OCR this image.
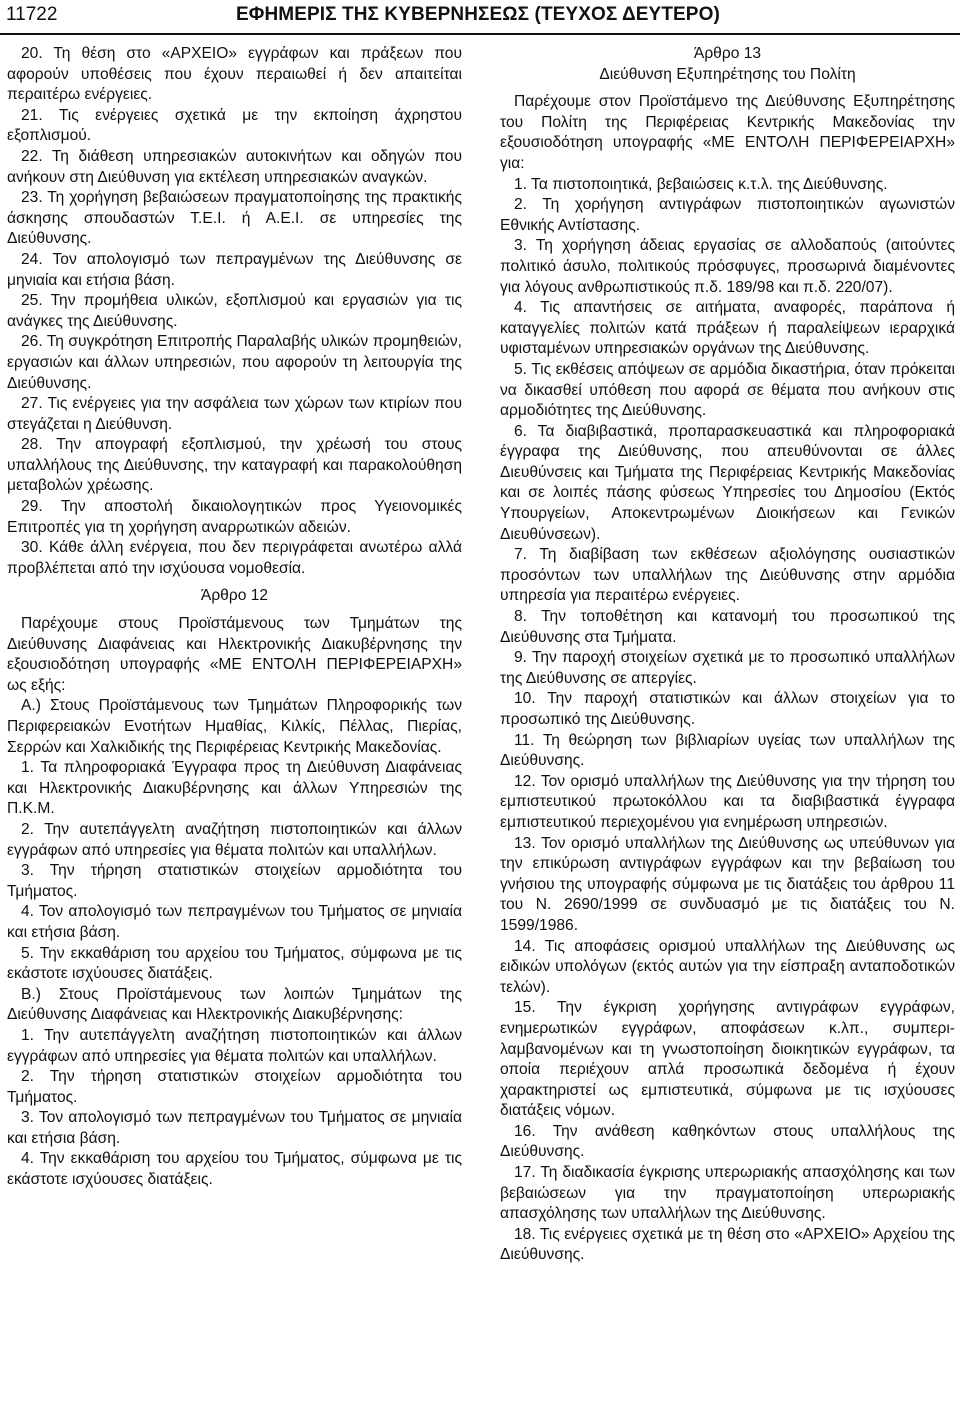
11722	ΕΦΗΜΕΡΙΣ ΤΗΣ ΚΥΒΕΡΝΗΣΕΩΣ (ΤΕΥΧΟΣ ΔΕΥΤΕΡΟ)

20. Τη θέση στο «ΑΡΧΕΙΟ» εγγράφων και πράξεων που αφορούν υποθέσεις που έχουν περαιωθεί ή δεν απαιτείται περαιτέρω ενέργειες.

21. Τις ενέργειες σχετικά με την εκποίηση άχρηστου εξοπλισμού.

22. Τη διάθεση υπηρεσιακών αυτοκινήτων και οδηγών που ανήκουν στη Διεύθυνση για εκτέλεση υπηρεσιακών αναγκών.

23. Τη χορήγηση βεβαιώσεων πραγματοποίησης της πρακτικής άσκησης σπουδαστών Τ.Ε.Ι. ή Α.Ε.Ι. σε υπηρεσίες της Διεύθυνσης.

24. Τον απολογισμό των πεπραγμένων της Διεύθυνσης σε μηνιαία και ετήσια βάση.

25. Την προμήθεια υλικών, εξοπλισμού και εργασιών για τις ανάγκες της Διεύθυνσης.

26. Τη συγκρότηση Επιτροπής Παραλαβής υλικών προμηθειών, εργασιών και άλλων υπηρεσιών, που αφορούν τη λειτουργία της Διεύθυνσης.

27. Τις ενέργειες για την ασφάλεια των χώρων των κτιρίων που στεγάζεται η Διεύθυνση.

28. Την απογραφή εξοπλισμού, την χρέωσή του στους υπαλλήλους της Διεύθυνσης, την καταγραφή και παρακολούθηση μεταβολών χρέωσης.

29. Την αποστολή δικαιολογητικών προς Υγειονομικές Επιτροπές για τη χορήγηση αναρρωτικών αδειών.

30. Κάθε άλλη ενέργεια, που δεν περιγράφεται ανωτέρω αλλά προβλέπεται από την ισχύουσα νομοθεσία.

Άρθρο 12

Παρέχουμε στους Προϊστάμενους των Τμημάτων της Διεύθυνσης Διαφάνειας και Ηλεκτρονικής Διακυβέρνησης την εξουσιοδότηση υπογραφής «ΜΕ ΕΝΤΟΛΗ ΠΕΡΙΦΕΡΕΙΑΡΧΗ» ως εξής:

Α.) Στους Προϊστάμενους των Τμημάτων Πληροφορικής των Περιφερειακών Ενοτήτων Ημαθίας, Κιλκίς, Πέλλας, Πιερίας, Σερρών και Χαλκιδικής της Περιφέρειας Κεντρικής Μακεδονίας.

1. Τα πληροφοριακά Έγγραφα προς τη Διεύθυνση Διαφάνειας και Ηλεκτρονικής Διακυβέρνησης και άλλων Υπηρεσιών της Π.Κ.Μ.

2. Την αυτεπάγγελτη αναζήτηση πιστοποιητικών και άλλων εγγράφων από υπηρεσίες για θέματα πολιτών και υπαλλήλων.

3. Την τήρηση στατιστικών στοιχείων αρμοδιότητα του Τμήματος.

4. Τον απολογισμό των πεπραγμένων του Τμήματος σε μηνιαία και ετήσια βάση.

5. Την εκκαθάριση του αρχείου του Τμήματος, σύμφωνα με τις εκάστοτε ισχύουσες διατάξεις.

Β.) Στους Προϊστάμενους των λοιπών Τμημάτων της Διεύθυνσης Διαφάνειας και Ηλεκτρονικής Διακυβέρνησης:

1. Την αυτεπάγγελτη αναζήτηση πιστοποιητικών και άλλων εγγράφων από υπηρεσίες για θέματα πολιτών και υπαλλήλων.

2. Την τήρηση στατιστικών στοιχείων αρμοδιότητα του Τμήματος.

3. Τον απολογισμό των πεπραγμένων του Τμήματος σε μηνιαία και ετήσια βάση.

4. Την εκκαθάριση του αρχείου του Τμήματος, σύμφωνα με τις εκάστοτε ισχύουσες διατάξεις.

Άρθρο 13

Διεύθυνση Εξυπηρέτησης του Πολίτη

Παρέχουμε στον Προϊστάμενο της Διεύθυνσης Εξυπηρέτησης του Πολίτη της Περιφέρειας Κεντρικής Μακεδονίας την εξουσιοδότηση υπογραφής «ΜΕ ΕΝΤΟΛΗ ΠΕΡΙΦΕΡΕΙΑΡΧΗ» για:

1. Τα πιστοποιητικά, βεβαιώσεις κ.τ.λ. της Διεύθυνσης.

2. Τη χορήγηση αντιγράφων πιστοποιητικών αγωνιστών Εθνικής Αντίστασης.

3. Τη χορήγηση άδειας εργασίας σε αλλοδαπούς (αιτούντες πολιτικό άσυλο, πολιτικούς πρόσφυγες, προσωρινά διαμένοντες για λόγους ανθρωπιστικούς π.δ. 189/98 και π.δ. 220/07).

4. Τις απαντήσεις σε αιτήματα, αναφορές, παράπονα ή καταγγελίες πολιτών κατά πράξεων ή παραλείψεων ιεραρχικά υφισταμένων υπηρεσιακών οργάνων της Διεύθυνσης.

5. Τις εκθέσεις απόψεων σε αρμόδια δικαστήρια, όταν πρόκειται να δικασθεί υπόθεση που αφορά σε θέματα που ανήκουν στις αρμοδιότητες της Διεύθυνσης.

6. Τα διαβιβαστικά, προπαρασκευαστικά και πληροφοριακά έγγραφα της Διεύθυνσης, που απευθύνονται σε άλλες Διευθύνσεις και Τμήματα της Περιφέρειας Κεντρικής Μακεδονίας και σε λοιπές πάσης φύσεως Υπηρεσίες του Δημοσίου (Εκτός Υπουργείων, Αποκεντρωμένων Διοικήσεων και Γενικών Διευθύνσεων).

7. Τη διαβίβαση των εκθέσεων αξιολόγησης ουσιαστικών προσόντων των υπαλλήλων της Διεύθυνσης στην αρμόδια υπηρεσία για περαιτέρω ενέργειες.

8. Την τοποθέτηση και κατανομή του προσωπικού της Διεύθυνσης στα Τμήματα.

9. Την παροχή στοιχείων σχετικά με το προσωπικό υπαλλήλων της Διεύθυνσης σε απεργίες.

10. Την παροχή στατιστικών και άλλων στοιχείων για το προσωπικό της Διεύθυνσης.

11. Τη θεώρηση των βιβλιαρίων υγείας των υπαλλήλων της Διεύθυνσης.

12. Τον ορισμό υπαλλήλων της Διεύθυνσης για την τήρηση του εμπιστευτικού πρωτοκόλλου και τα διαβιβαστικά έγγραφα εμπιστευτικού περιεχομένου για ενημέρωση υπηρεσιών.

13. Τον ορισμό υπαλλήλων της Διεύθυνσης ως υπεύθυνων για την επικύρωση αντιγράφων εγγράφων και την βεβαίωση του γνήσιου της υπογραφής σύμφωνα με τις διατάξεις του άρθρου 11 του Ν. 2690/1999 σε συνδυασμό με τις διατάξεις του Ν. 1599/1986.

14. Τις αποφάσεις ορισμού υπαλλήλων της Διεύθυνσης ως ειδικών υπολόγων (εκτός αυτών για την είσπραξη ανταποδοτικών τελών).

15. Την έγκριση χορήγησης αντιγράφων εγγράφων, ενημερωτικών εγγράφων, αποφάσεων κ.λπ., συμπεριλαμβανομένων και τη γνωστοποίηση διοικητικών εγγράφων, τα οποία περιέχουν απλά προσωπικά δεδομένα ή έχουν χαρακτηριστεί ως εμπιστευτικά, σύμφωνα με τις ισχύουσες διατάξεις νόμων.

16. Την ανάθεση καθηκόντων στους υπαλλήλους της Διεύθυνσης.

17. Τη διαδικασία έγκρισης υπερωριακής απασχόλησης και των βεβαιώσεων για την πραγματοποίηση υπερωριακής απασχόλησης των υπαλλήλων της Διεύθυνσης.

18. Τις ενέργειες σχετικά με τη θέση στο «ΑΡΧΕΙΟ» Αρχείου της Διεύθυνσης.
